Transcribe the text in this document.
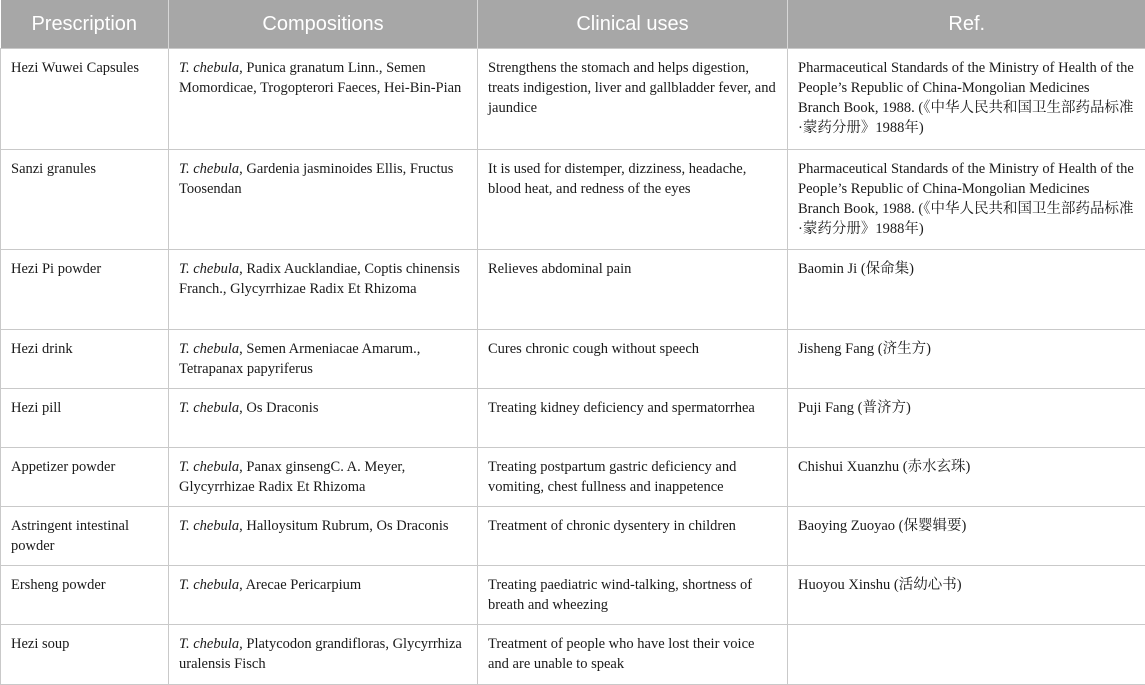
Prescription	Compositions	Clinical uses	Ref.
Hezi Wuwei Capsules	T. chebula, Punica granatum Linn., Semen Momordicae, Trogopterori Faeces, Hei-Bin-Pian	Strengthens the stomach and helps digestion, treats indigestion, liver and gallbladder fever, and jaundice	Pharmaceutical Standards of the Ministry of Health of the People’s Republic of China-Mongolian Medicines Branch Book, 1988. (《中华人民共和国卫生部药品标准·蒙药分册》1988年)
Sanzi granules	T. chebula, Gardenia jasminoides Ellis, Fructus Toosendan	It is used for distemper, dizziness, headache, blood heat, and redness of the eyes	Pharmaceutical Standards of the Ministry of Health of the People’s Republic of China-Mongolian Medicines Branch Book, 1988. (《中华人民共和国卫生部药品标准·蒙药分册》1988年)
Hezi Pi powder	T. chebula, Radix Aucklandiae, Coptis chinensis Franch., Glycyrrhizae Radix Et Rhizoma	Relieves abdominal pain	Baomin Ji (保命集)
Hezi drink	T. chebula, Semen Armeniacae Amarum., Tetrapanax papyriferus	Cures chronic cough without speech	Jisheng Fang (济生方)
Hezi pill	T. chebula, Os Draconis	Treating kidney deficiency and spermatorrhea	Puji Fang (普济方)
Appetizer powder	T. chebula, Panax ginsengC. A. Meyer, Glycyrrhizae Radix Et Rhizoma	Treating postpartum gastric deficiency and vomiting, chest fullness and inappetence	Chishui Xuanzhu (赤水玄珠)
Astringent intestinal powder	T. chebula, Halloysitum Rubrum, Os Draconis	Treatment of chronic dysentery in children	Baoying Zuoyao (保婴辑要)
Ersheng powder	T. chebula, Arecae Pericarpium	Treating paediatric wind-talking, shortness of breath and wheezing	Huoyou Xinshu (活幼心书)
Hezi soup	T. chebula, Platycodon grandifloras, Glycyrrhiza uralensis Fisch	Treatment of people who have lost their voice and are unable to speak	
